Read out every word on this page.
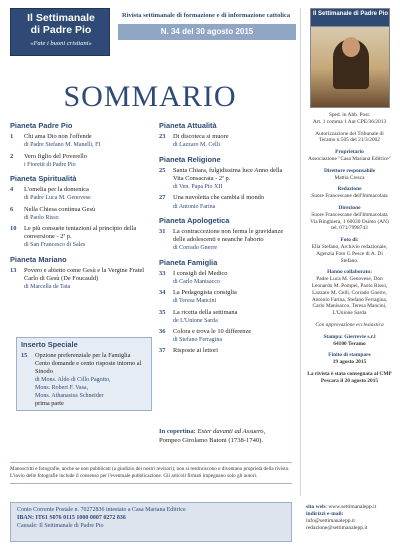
Il Settimanale
di Padre Pio
«Fate i buoni cristiani»
Rivista settimanale di formazione e di informazione cattolica
N. 34 del 30 agosto 2015
SOMMARIO
Pianeta Padre Pio
1	Chi ama Dio non l'offende
di Padre Stefano M. Manelli, FI
2	Vero figlio del Poverello
i Fioretti di Padre Pio
Pianeta Spiritualità
4	L'omelia per la domenica
di Padre Luca M. Genovese
6	Nella Chiesa continua Gesù
di Paolo Risso
10	Le più consuete tentazioni al principio della conversione - 2ª p.
di San Francesco di Sales
Pianeta Mariano
13	Povero e abietto come Gesù e la Vergine Fratel Carlo di Gesù (De Foucauld)
di Marcella de Tata
Inserto Speciale
15	Opzione preferenziale per la Famiglia Cento domande e cento risposte intorno al Sinodo
di Mons. Aldo di Cillo Pagotto,
Mons. Robert F. Vasa,
Mons. Athanasius Schneider
prima parte
Pianeta Attualità
23	Di discoteca si muore
di Lazzaro M. Celli
Pianeta Religione
25	Santa Chiara, fulgidissima luce Anno della Vita Consacrata - 2ª p.
di Ven. Papa Pio XII
27	Una nuvoletta che cambia il mondo
di Antonio Farina
Pianeta Apologetica
31	La contraccezione non ferma le gravidanze delle adolescenti e neanche l'aborto
di Corrado Gnerre
Pianeta Famiglia
33	I consigli del Medico
di Carlo Manisacco
34	La Pedagogista consiglia
di Teresa Mancini
35	La ricetta della settimana
de L'Unione Sarda
36	Colora e trova le 10 differenze
di Stefano Ferragina
37	Risposte ai lettori
In copertina: Ester davanti ad Assuero,
Pompeo Girolamo Batoni (1738-1740).
Manoscritti e fotografie, anche se non pubblicati (a giudizio dei nostri revisori), non si restituiscono e diventano proprietà della rivista. L'invio delle fotografie include il consenso per l'eventuale pubblicazione. Gli articoli firmati impegnano solo gli autori.
Conto Corrente Postale n. 70272836 intestato a Casa Mariana Editrice
IBAN: IT61 S076 0115 1000 0007 0272 836
Causale: Il Settimanale di Padre Pio
Il Settimanale di Padre Pio
Sped. in Abb. Post.
Art. 1 comma 1 Aut CPE/36/2013
Autorizzazione del Tribunale di Teramo n.505 del 21/3/2002
Proprietario
Associazione "Casa Mariana Editrice"
Direttore responsabile
Mattia Cresca
Redazione
Suore Francescane dell'Immacolata
Direzione
Suore Francescane dell'Immacolata Via Ringhiera, 1 60030 Osimo (AN) tel. 071/7998743
Foto di:
Elia Stefano, Archivio redazionale, Agenzia Foto G Pesce di A. Di Stefano.
Hanno collaborato:
Padre Luca M. Genovese, Don Leonardo M. Pompei, Paolo Risso, Lazzaro M. Celli, Corrado Gnerre, Antonio Farina, Stefano Ferragina, Carlo Manisacco, Teresa Mancini, L'Unione Sarda
Con approvazione ecclesiastica
Stampa: Gierrevie s.r.l
64100 Teramo
Finito di stampare
19 agosto 2015
La rivista è stata consegnata al CMP Pescara il 20 agosto 2015
sito web: www.settimanalepp.it
indirizzi e-mail:
info@settimanalepp.it
redazione@settimanalepp.it
